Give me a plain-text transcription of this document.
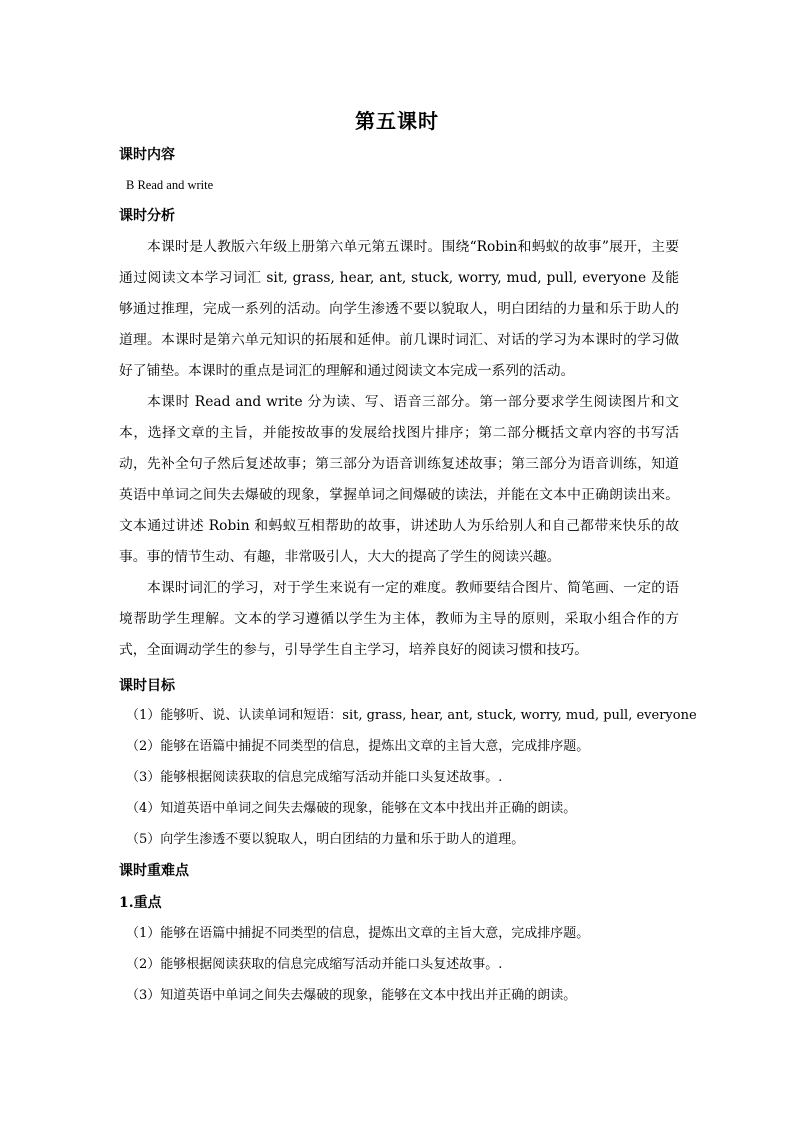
第五课时
课时内容
B Read and write
课时分析
本课时是人教版六年级上册第六单元第五课时。围绕“Robin和蚂蚁的故事”展开，主要通过阅读文本学习词汇 sit, grass, hear, ant, stuck, worry, mud, pull, everyone 及能够通过推理，完成一系列的活动。向学生渗透不要以貌取人，明白团结的力量和乐于助人的道理。本课时是第六单元知识的拓展和延伸。前几课时词汇、对话的学习为本课时的学习做好了铺垫。本课时的重点是词汇的理解和通过阅读文本完成一系列的活动。
本课时 Read and write 分为读、写、语音三部分。第一部分要求学生阅读图片和文本，选择文章的主旨，并能按故事的发展给找图片排序；第二部分概括文章内容的书写活动，先补全句子然后复述故事；第三部分为语音训练复述故事；第三部分为语音训练，知道英语中单词之间失去爆破的现象，掌握单词之间爆破的读法，并能在文本中正确朗读出来。文本通过讲述 Robin 和蚂蚁互相帮助的故事，讲述助人为乐给别人和自己都带来快乐的故事。事的情节生动、有趣，非常吸引人，大大的提高了学生的阅读兴趣。
本课时词汇的学习，对于学生来说有一定的难度。教师要结合图片、简笔画、一定的语境帮助学生理解。文本的学习遵循以学生为主体，教师为主导的原则，采取小组合作的方式，全面调动学生的参与，引导学生自主学习，培养良好的阅读习惯和技巧。
课时目标
（1）能够听、说、认读单词和短语：sit, grass, hear, ant, stuck, worry, mud, pull, everyone
（2）能够在语篇中捕捉不同类型的信息，提炼出文章的主旨大意，完成排序题。
（3）能够根据阅读获取的信息完成缩写活动并能口头复述故事。.
（4）知道英语中单词之间失去爆破的现象，能够在文本中找出并正确的朗读。
（5）向学生渗透不要以貌取人，明白团结的力量和乐于助人的道理。
课时重难点
1.重点
（1）能够在语篇中捕捉不同类型的信息，提炼出文章的主旨大意，完成排序题。
（2）能够根据阅读获取的信息完成缩写活动并能口头复述故事。.
（3）知道英语中单词之间失去爆破的现象，能够在文本中找出并正确的朗读。
